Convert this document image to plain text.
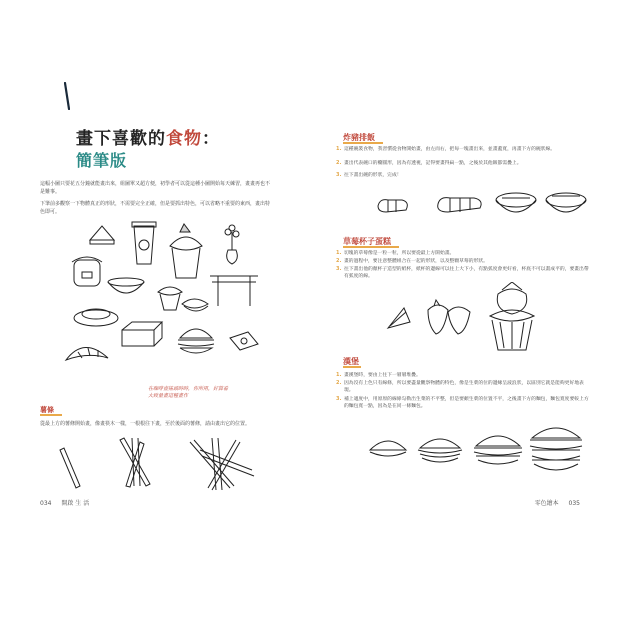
畫下喜歡的食物：
簡筆版
這幅小圖只要花五分鐘就能畫出來，組圖單又超方便，初學者可以從這種小圖開始每天練習，畫畫再也不是難事。
下筆前多觀察一下物體真正的形狀，不需要完全正確，但是要抓出特色，可以省略不重要的東西，畫出特色即可。
在咖啡壺搖頭時時，你所用，好算看大致量畫這種畫作
薯條
從最上方的薯條開始畫，像畫筷木一樣，一根根往下畫，至於後面的薯條，請由畫出它的位置。
034 開啟 生 活
炸豬排飯
1. 這種碗裝食物，我習慣從食物開始畫，由左而右，把每一塊畫出來，並畫蓋寬，再畫下方的碗狀線。
2. 畫出代表碗口的橢圓形，因為有透視，記得要畫得扁一點，之後於其他飯都需疊上。
3. 往下畫出碗的形狀，完成！
草莓杯子蛋糕
1. 切塊的草莓像是一粒一粒，所以要從最上方開始畫。
2. 畫的過程中，要注意整體組合在一起的形狀，以及整顆草莓的形狀。
3. 往下畫出他的顏杯子造型的紙杯，紙杯的邊線可以往上大下小，有點弧度會更好看，杯底不可以畫成平的，要畫出帶有弧度的線。
漢堡
1. 畫漢堡時，要由上往下一層層堆疊。
2. 因為沒有上色只有線條，所以要盡量觀察物體的特色，像是生菜的位的邊緣呈波浪狀，以區別它就是能夠更好地表現。
3. 補上適度中，用原原的線條勾勒出生菜的不平整，但是要頗生菜的位置不平，之後畫下方的麵包，麵包寬度要較上方的麵包寬一點，因為是在同一條麵包。
零色繪本 035
